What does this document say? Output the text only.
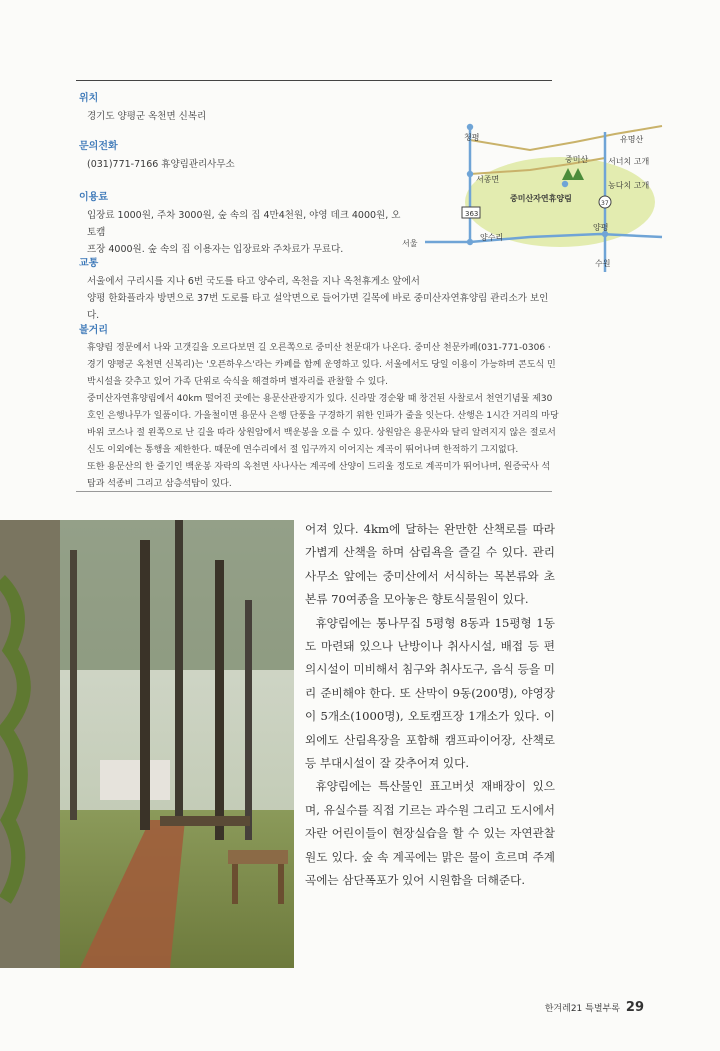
위치
경기도 양평군 옥천면 신복리
문의전화
(031)771-7166 휴양림관리사무소
이용료

입장료 1000원, 주차 3000원, 숲 속의 집 4만4천원, 야영 데크 4000원, 오토캠

프장 4000원. 숲 속의 집 이용자는 입장료와 주차료가 무료다.

교통

서울에서 구리시를 지나 6번 국도를 타고 양수리, 옥천을 지나 옥천휴게소 앞에서

양평 한화플라자 방면으로 37번 도로를 타고 설악면으로 들어가면 길목에 바로 중미산자연휴양림 관리소가 보인다.

볼거리

휴양림 정문에서 나와 고갯길을 오르다보면 길 오른쪽으로 중미산 천문대가 나온다. 중미산 천문카페(031-771-0306 ·

경기 양평군 옥천면 신복리)는 '오픈하우스'라는 카페를 함께 운영하고 있다. 서울에서도 당일 이용이 가능하며 콘도식 민

박시설을 갖추고 있어 가족 단위로 숙식을 해결하며 별자리를 관찰할 수 있다.

중미산자연휴양림에서 40km 떨어진 곳에는 용문산관광지가 있다. 신라말 경순왕 때 창건된 사찰로서 천연기념물 제30

호인 은행나무가 일품이다. 가을철이면 용문사 은행 단풍을 구경하기 위한 인파가 줄을 잇는다. 산행은 1시간 거리의 마당

바위 코스나 절 왼쪽으로 난 길을 따라 상원암에서 백운봉을 오를 수 있다. 상원암은 용문사와 달리 알려지지 않은 절로서

신도 이외에는 통행을 제한한다. 때문에 연수리에서 절 입구까지 이어지는 계곡이 뛰어나며 한적하기 그지없다.

또한 용문산의 한 줄기인 백운봉 자락의 옥천면 사나사는 계곡에 산양이 드리울 정도로 계곡미가 뛰어나며, 원증국사 석

탑과 석종비 그리고 삼층석탑이 있다.

청평	유명산
중미산 서너치 고개
서종면
농다치 고개
중미산자연휴양림
363
37
양수리
양평
서울
수원

어져 있다. 4km에 달하는 완만한 산책로를 따라 가볍게 산책을 하며 삼림욕을 즐길 수 있다. 관리사무소 앞에는 중미산에서 서식하는 목본류와 초본류 70여종을 모아놓은 향토식물원이 있다.

휴양림에는 통나무집 5평형 8동과 15평형 1동도 마련돼 있으나 난방이나 취사시설, 배접 등 편의시설이 미비해서 침구와 취사도구, 음식 등을 미리 준비해야 한다. 또 산막이 9동(200명), 야영장이 5개소(1000명), 오토캠프장 1개소가 있다. 이 외에도 산림욕장을 포함해 캠프파이어장, 산책로 등 부대시설이 잘 갖추어져 있다.

휴양림에는 특산물인 표고버섯 재배장이 있으며, 유실수를 직접 기르는 과수원 그리고 도시에서 자란 어린이들이 현장실습을 할 수 있는 자연관찰원도 있다. 숲 속 계곡에는 맑은 물이 흐르며 주계곡에는 삼단폭포가 있어 시원함을 더해준다.

한겨레21 특별부록 29
